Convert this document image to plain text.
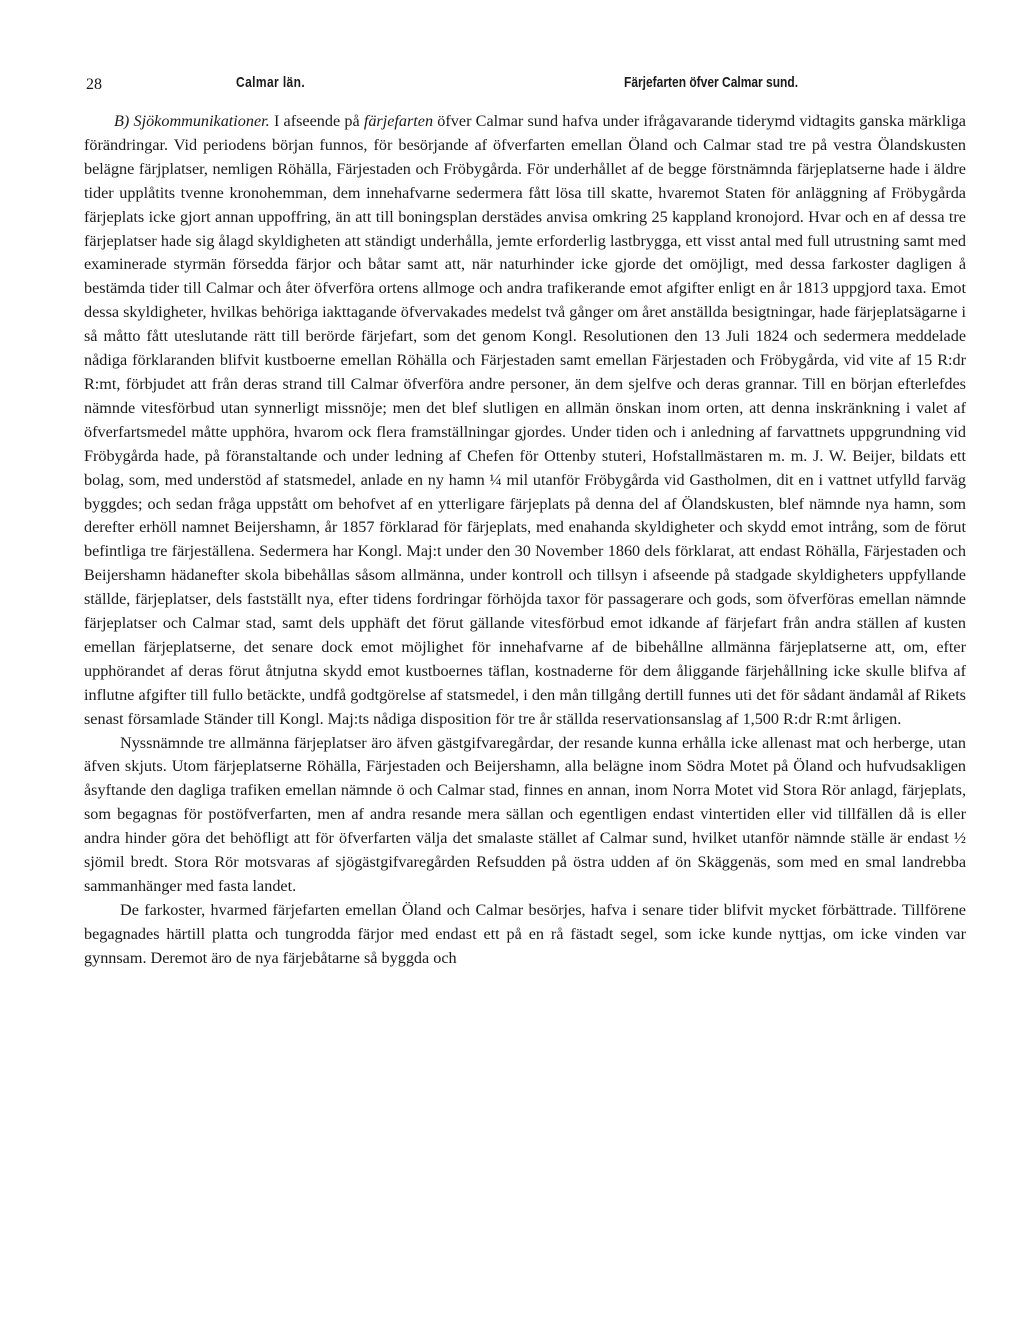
28	Calmar län.	Färjefarten öfver Calmar sund.

B) Sjökommunikationer. I afseende på färjefarten öfver Calmar sund hafva under ifrågavarande tiderymd vidtagits ganska märkliga förändringar. Vid periodens början funnos, för besörjande af öfverfarten emellan Öland och Calmar stad tre på vestra Ölandskusten belägne färjplatser, nemligen Röhälla, Färjestaden och Fröbygårda. För underhållet af de begge förstnämnda färjeplatserne hade i äldre tider upplåtits tvenne kronohemman, dem innehafvarne sedermera fått lösa till skatte, hvaremot Staten för anläggning af Fröbygårda färjeplats icke gjort annan uppoffring, än att till boningsplan derstädes anvisa omkring 25 kappland kronojord. Hvar och en af dessa tre färjeplatser hade sig ålagd skyldigheten att ständigt underhålla, jemte erforderlig lastbrygga, ett visst antal med full utrustning samt med examinerade styrmän försedda färjor och båtar samt att, när naturhinder icke gjorde det omöjligt, med dessa farkoster dagligen å bestämda tider till Calmar och åter öfverföra ortens allmoge och andra trafikerande emot afgifter enligt en år 1813 uppgjord taxa. Emot dessa skyldigheter, hvilkas behöriga iakttagande öfvervakades medelst två gånger om året anställda besigtningar, hade färjeplatsägarne i så måtto fått uteslutande rätt till berörde färjefart, som det genom Kongl. Resolutionen den 13 Juli 1824 och sedermera meddelade nådiga förklaranden blifvit kustboerne emellan Röhälla och Färjestaden samt emellan Färjestaden och Fröbygårda, vid vite af 15 R:dr R:mt, förbjudet att från deras strand till Calmar öfverföra andre personer, än dem sjelfve och deras grannar. Till en början efterlefdes nämnde vitesförbud utan synnerligt missnöje; men det blef slutligen en allmän önskan inom orten, att denna inskränkning i valet af öfverfartsmedel måtte upphöra, hvarom ock flera framställningar gjordes. Under tiden och i anledning af farvattnets uppgrundning vid Fröbygårda hade, på föranstaltande och under ledning af Chefen för Ottenby stuteri, Hofstallmästaren m. m. J. W. Beijer, bildats ett bolag, som, med understöd af statsmedel, anlade en ny hamn ¼ mil utanför Fröbygårda vid Gastholmen, dit en i vattnet utfylld farväg byggdes; och sedan fråga uppstått om behofvet af en ytterligare färjeplats på denna del af Ölandskusten, blef nämnde nya hamn, som derefter erhöll namnet Beijershamn, år 1857 förklarad för färjeplats, med enahanda skyldigheter och skydd emot intrång, som de förut befintliga tre färjeställena. Sedermera har Kongl. Maj:t under den 30 November 1860 dels förklarat, att endast Röhälla, Färjestaden och Beijershamn hädanefter skola bibehållas såsom allmänna, under kontroll och tillsyn i afseende på stadgade skyldigheters uppfyllande ställde, färjeplatser, dels fastställt nya, efter tidens fordringar förhöjda taxor för passagerare och gods, som öfverföras emellan nämnde färjeplatser och Calmar stad, samt dels upphäft det förut gällande vitesförbud emot idkande af färjefart från andra ställen af kusten emellan färjeplatserne, det senare dock emot möjlighet för innehafvarne af de bibehållne allmänna färjeplatserne att, om, efter upphörandet af deras förut åtnjutna skydd emot kustboernes täflan, kostnaderne för dem åliggande färjehållning icke skulle blifva af influtne afgifter till fullo betäckte, undfå godtgörelse af statsmedel, i den mån tillgång dertill funnes uti det för sådant ändamål af Rikets senast församlade Ständer till Kongl. Maj:ts nådiga disposition för tre år ställda reservationsanslag af 1,500 R:dr R:mt årligen.

Nyssnämnde tre allmänna färjeplatser äro äfven gästgifvaregårdar, der resande kunna erhålla icke allenast mat och herberge, utan äfven skjuts. Utom färjeplatserne Röhälla, Färjestaden och Beijershamn, alla belägne inom Södra Motet på Öland och hufvudsakligen åsyftande den dagliga trafiken emellan nämnde ö och Calmar stad, finnes en annan, inom Norra Motet vid Stora Rör anlagd, färjeplats, som begagnas för postöfverfarten, men af andra resande mera sällan och egentligen endast vintertiden eller vid tillfällen då is eller andra hinder göra det behöfligt att för öfverfarten välja det smalaste stället af Calmar sund, hvilket utanför nämnde ställe är endast ½ sjömil bredt. Stora Rör motsvaras af sjögästgifvaregården Refsudden på östra udden af ön Skäggenäs, som med en smal landrebba sammanhänger med fasta landet.

De farkoster, hvarmed färjefarten emellan Öland och Calmar besörjes, hafva i senare tider blifvit mycket förbättrade. Tillförene begagnades härtill platta och tungrodda färjor med endast ett på en rå fästadt segel, som icke kunde nyttjas, om icke vinden var gynnsam. Deremot äro de nya färjebåtarne så byggda och
